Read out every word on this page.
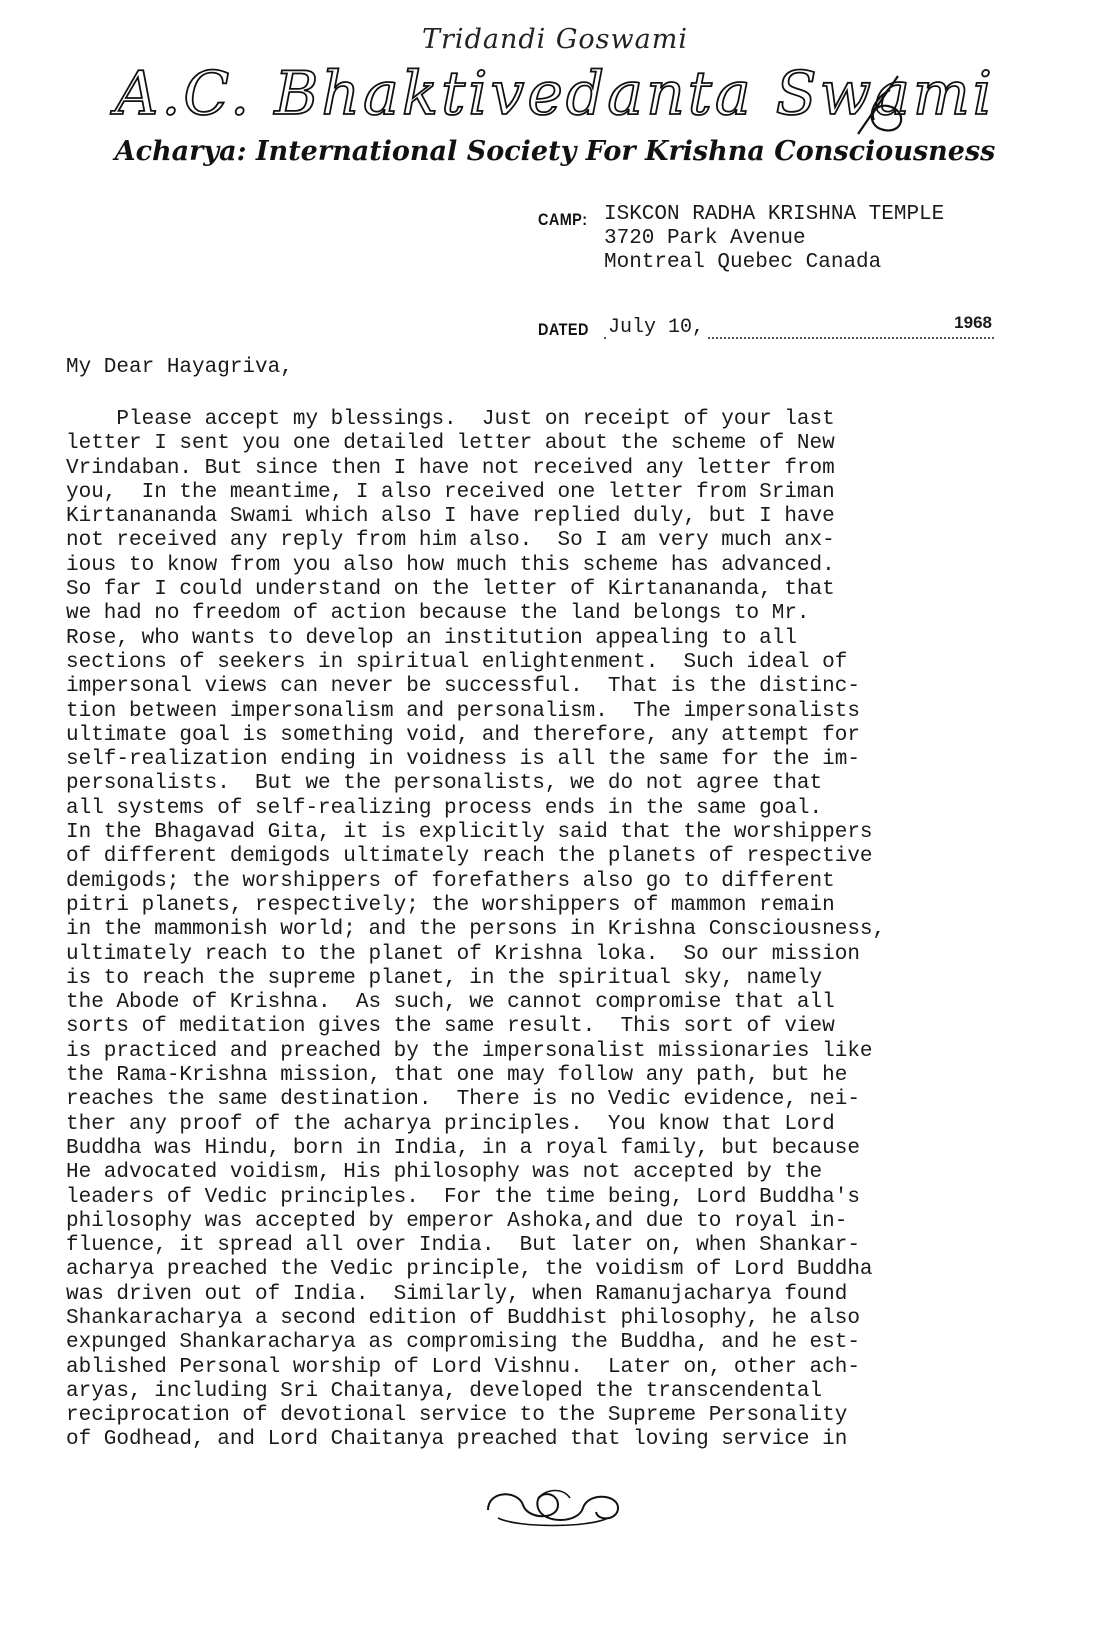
Tridandi Goswami
A.C. Bhaktivedanta Swami
Acharya: International Society For Krishna Consciousness
CAMP: ISKCON RADHA KRISHNA TEMPLE
3720 Park Avenue
Montreal Quebec Canada
DATED July 10,	1968
My Dear Hayagriva,
Please accept my blessings.  Just on receipt of your last
letter I sent you one detailed letter about the scheme of New
Vrindaban. But since then I have not received any letter from
you,  In the meantime, I also received one letter from Sriman
Kirtanananda Swami which also I have replied duly, but I have
not received any reply from him also.  So I am very much anx-
ious to know from you also how much this scheme has advanced.
So far I could understand on the letter of Kirtanananda, that
we had no freedom of action because the land belongs to Mr.
Rose, who wants to develop an institution appealing to all
sections of seekers in spiritual enlightenment.  Such ideal of
impersonal views can never be successful.  That is the distinc-
tion between impersonalism and personalism.  The impersonalists
ultimate goal is something void, and therefore, any attempt for
self-realization ending in voidness is all the same for the im-
personalists.  But we the personalists, we do not agree that
all systems of self-realizing process ends in the same goal.
In the Bhagavad Gita, it is explicitly said that the worshippers
of different demigods ultimately reach the planets of respective
demigods; the worshippers of forefathers also go to different
pitri planets, respectively; the worshippers of mammon remain
in the mammonish world; and the persons in Krishna Consciousness,
ultimately reach to the planet of Krishna loka.  So our mission
is to reach the supreme planet, in the spiritual sky, namely
the Abode of Krishna.  As such, we cannot compromise that all
sorts of meditation gives the same result.  This sort of view
is practiced and preached by the impersonalist missionaries like
the Rama-Krishna mission, that one may follow any path, but he
reaches the same destination.  There is no Vedic evidence, nei-
ther any proof of the acharya principles.  You know that Lord
Buddha was Hindu, born in India, in a royal family, but because
He advocated voidism, His philosophy was not accepted by the
leaders of Vedic principles.  For the time being, Lord Buddha's
philosophy was accepted by emperor Ashoka,and due to royal in-
fluence, it spread all over India.  But later on, when Shankar-
acharya preached the Vedic principle, the voidism of Lord Buddha
was driven out of India.  Similarly, when Ramanujacharya found
Shankaracharya a second edition of Buddhist philosophy, he also
expunged Shankaracharya as compromising the Buddha, and he est-
ablished Personal worship of Lord Vishnu.  Later on, other ach-
aryas, including Sri Chaitanya, developed the transcendental
reciprocation of devotional service to the Supreme Personality
of Godhead, and Lord Chaitanya preached that loving service in
